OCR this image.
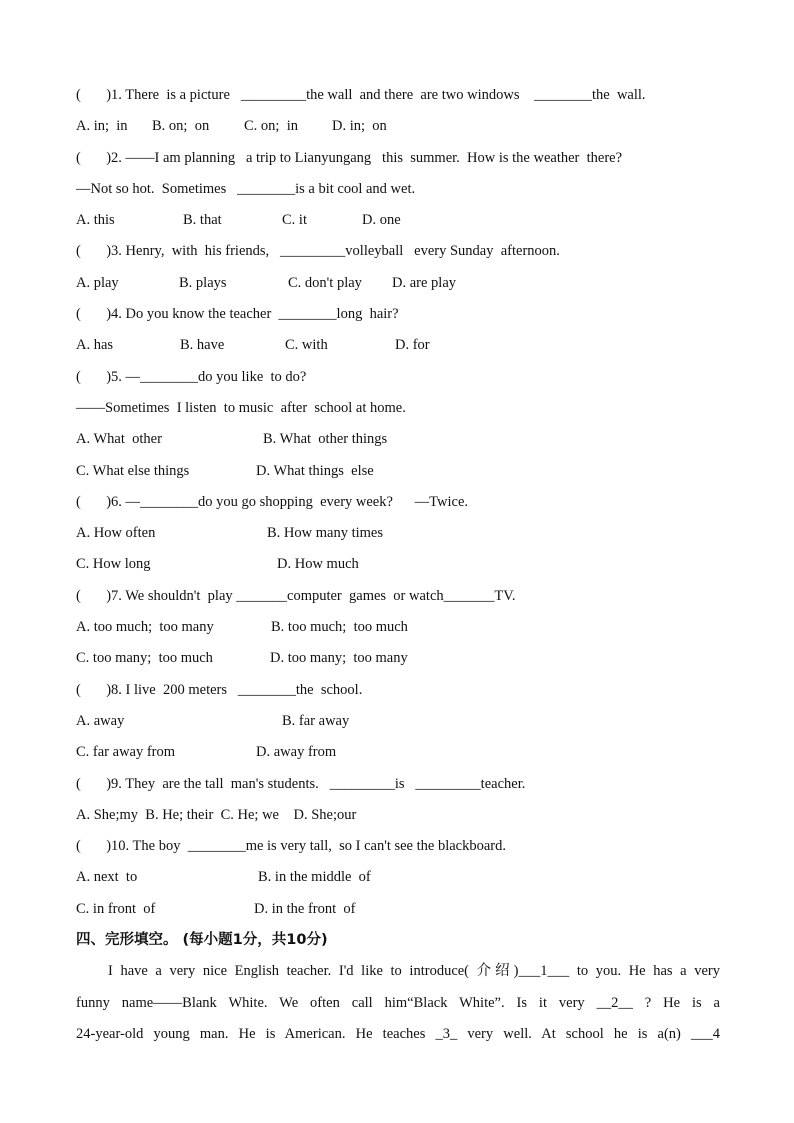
(       )1. There  is a picture   _________the wall  and there  are two windows    ________the  wall.
A. in;  in	B. on;  on	C. on;  in	D. in;  on
(       )2. ——I am planning   a trip to Lianyungang   this  summer.  How is the weather  there?
—Not so hot.  Sometimes   ________is a bit cool and wet.
A. this	B. that	C. it	D. one
(       )3. Henry,  with  his friends,   _________volleyball   every Sunday  afternoon.
A. play	B. plays	C. don't play	D. are play
(       )4. Do you know the teacher  ________long  hair?
A. has	B. have	C. with	D. for
(       )5. —________do you like  to do?
——Sometimes  I listen  to music  after  school at home.
A. What  other	B. What  other things
C. What else things	D. What things  else
(       )6. —________do you go shopping  every week?      —Twice.
A. How often	B. How many times
C. How long	D. How much
(       )7. We shouldn't  play _______computer  games  or watch_______TV.
A. too much;  too many	B. too much;  too much
C. too many;  too much	D. too many;  too many
(       )8. I live  200 meters   ________the  school.
A. away	B. far away
C. far away from	D. away from
(       )9. They  are the tall  man's students.   _________is   _________teacher.
A. She;my  B. He; their  C. He; we    D. She;our
(       )10. The boy  ________me is very tall,  so I can't see the blackboard.
A. next  to	B. in the middle  of
C. in front  of	D. in the front  of
四、完形填空。 (每小题1分，共10分)
I have a very nice English teacher. I'd like to introduce( 介绍)___1___ to you. He has a very
funny name——Blank White. We often call him“Black White”. Is it very __2__ ? He is a
24-year-old young man. He is American. He teaches _3_ very well. At school he is a(n) ___4
